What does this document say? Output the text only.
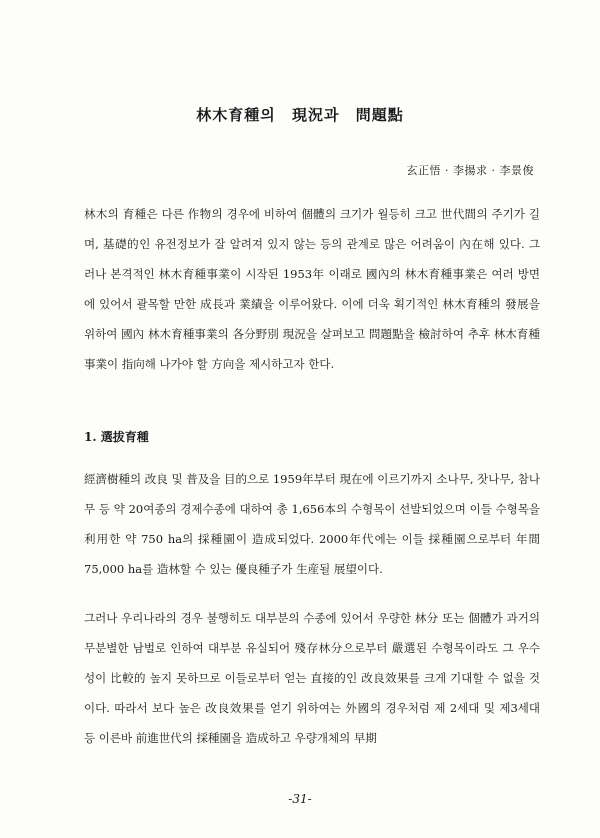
林木育種의 現況과 問題點
玄正悟 · 李揚求 · 李景俊
林木의 育種은 다른 作物의 경우에 비하여 個體의 크기가 월등히 크고 世代間의 주기가 길며, 基礎的인 유전정보가 잘 알려져 있지 않는 등의 관계로 많은 어려움이 內在해 있다. 그러나 본격적인 林木育種事業이 시작된 1953年 이래로 國內의 林木育種事業은 여러 방면에 있어서 괄목할 만한 成長과 業績을 이루어왔다. 이에 더욱 획기적인 林木育種의 發展을 위하여 國內 林木育種事業의 各分野別 現況을 살펴보고 問題點을 檢討하여 추후 林木育種事業이 指向해 나가야 할 方向을 제시하고자 한다.
1. 選拔育種
經濟樹種의 改良 및 普及을 目的으로 1959年부터 現在에 이르기까지 소나무, 잣나무, 참나무 등 약 20여종의 경제수종에 대하여 총 1,656本의 수형목이 선발되었으며 이들 수형목을 利用한 약 750 ha의 採種園이 造成되었다. 2000年代에는 이들 採種園으로부터 年間 75,000 ha를 造林할 수 있는 優良種子가 生産될 展望이다.
그러나 우리나라의 경우 불행히도 대부분의 수종에 있어서 우량한 林分 또는 個體가 과거의 무분별한 남벌로 인하여 대부분 유실되어 殘存林分으로부터 嚴選된 수형목이라도 그 우수성이 比較的 높지 못하므로 이들로부터 얻는 直接的인 改良效果를 크게 기대할 수 없을 것이다. 따라서 보다 높은 改良效果를 얻기 위하여는 外國의 경우처럼 제 2세대 및 제3세대 등 이른바 前進世代의 採種園을 造成하고 우량개체의 早期
-31-
